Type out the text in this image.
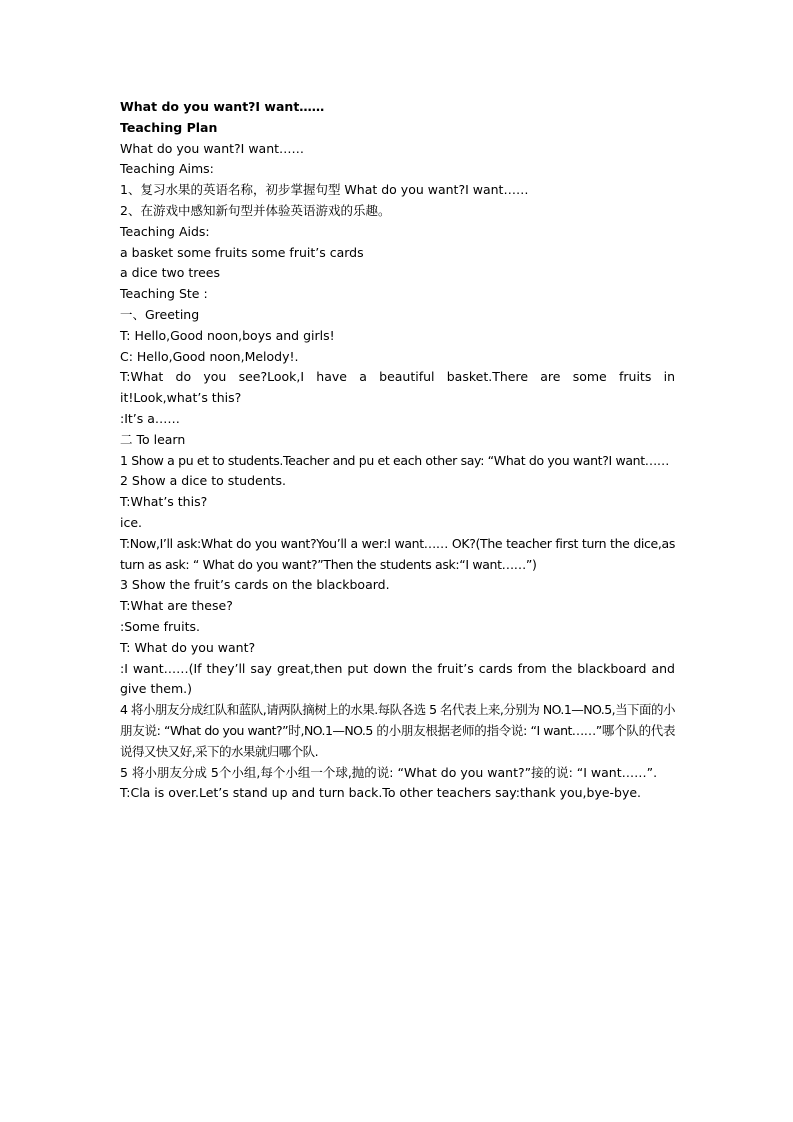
What do you want?I want……
Teaching Plan
What do you want?I want……
Teaching Aims:
1、复习水果的英语名称，初步掌握句型 What do you want?I want……
2、在游戏中感知新句型并体验英语游戏的乐趣。
Teaching Aids:
a basket some fruits some fruit’s cards
a dice two trees
Teaching Ste :
一、Greeting
T: Hello,Good noon,boys and girls!
C: Hello,Good noon,Melody!.
T:What do you see?Look,I have a beautiful basket.There are some fruits in it!Look,what’s this?
:It’s a……
二 To learn
1 Show a pu et to students.Teacher and pu et each other say: “What do you want?I want……
2 Show a dice to students.
T:What’s this?
ice.
T:Now,I’ll ask:What do you want?You’ll a wer:I want…… OK?(The teacher first turn the dice,as turn as ask: “ What do you want?”Then the students ask:“I want……”)
3 Show the fruit’s cards on the blackboard.
T:What are these?
:Some fruits.
T: What do you want?
:I want……(If they’ll say great,then put down the fruit’s cards from the blackboard and give them.)
4 将小朋友分成红队和蓝队,请两队摘树上的水果.每队各选 5 名代表上来,分别为 NO.1—NO.5,当下面的小朋友说: “What do you want?”时,NO.1—NO.5 的小朋友根据老师的指令说: “I want……”哪个队的代表说得又快又好,采下的水果就归哪个队.
5 将小朋友分成 5个小组,每个小组一个球,抛的说: “What do you want?”接的说: “I want……”.
T:Cla is over.Let’s stand up and turn back.To other teachers say:thank you,bye-bye.
